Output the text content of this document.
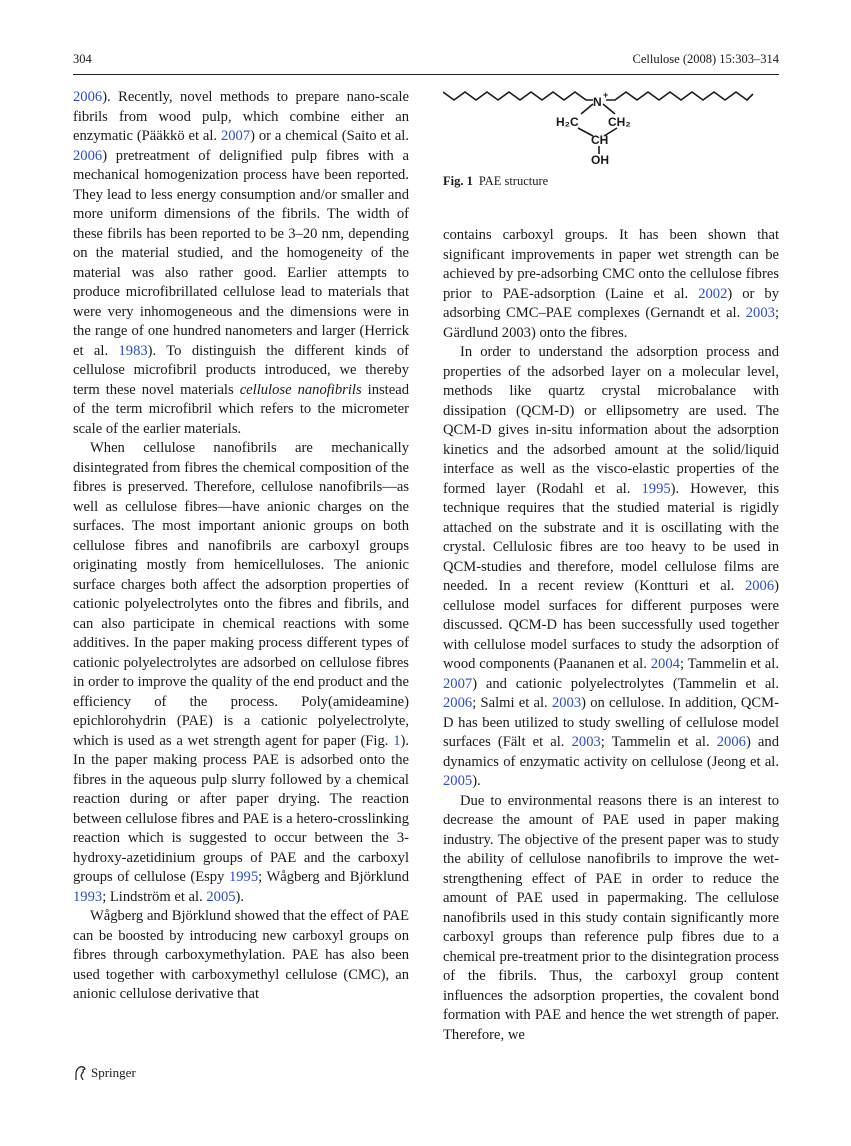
304	Cellulose (2008) 15:303–314

2006). Recently, novel methods to prepare nano-scale fibrils from wood pulp, which combine either an enzymatic (Pääkkö et al. 2007) or a chemical (Saito et al. 2006) pretreatment of delignified pulp fibres with a mechanical homogenization process have been reported. They lead to less energy consumption and/or smaller and more uniform dimensions of the fibrils. The width of these fibrils has been reported to be 3–20 nm, depending on the material studied, and the homogeneity of the material was also rather good. Earlier attempts to produce microfibrillated cellulose lead to materials that were very inhomogeneous and the dimensions were in the range of one hundred nanometers and larger (Herrick et al. 1983). To distinguish the different kinds of cellulose microfibril products introduced, we thereby term these novel materials cellulose nanofibrils instead of the term microfibril which refers to the micrometer scale of the earlier materials.

When cellulose nanofibrils are mechanically disintegrated from fibres the chemical composition of the fibres is preserved. Therefore, cellulose nanofibrils—as well as cellulose fibres—have anionic charges on the surfaces. The most important anionic groups on both cellulose fibres and nanofibrils are carboxyl groups originating mostly from hemicelluloses. The anionic surface charges both affect the adsorption properties of cationic polyelectrolytes onto the fibres and fibrils, and can also participate in chemical reactions with some additives. In the paper making process different types of cationic polyelectrolytes are adsorbed on cellulose fibres in order to improve the quality of the end product and the efficiency of the process. Poly(amideamine) epichlorohydrin (PAE) is a cationic polyelectrolyte, which is used as a wet strength agent for paper (Fig. 1). In the paper making process PAE is adsorbed onto the fibres in the aqueous pulp slurry followed by a chemical reaction during or after paper drying. The reaction between cellulose fibres and PAE is a hetero-crosslinking reaction which is suggested to occur between the 3-hydroxy-azetidinium groups of PAE and the carboxyl groups of cellulose (Espy 1995; Wågberg and Björklund 1993; Lindström et al. 2005).

Wågberg and Björklund showed that the effect of PAE can be boosted by introducing new carboxyl groups on fibres through carboxymethylation. PAE has also been used together with carboxymethyl cellulose (CMC), an anionic cellulose derivative that

N +
H₂C CH₂
CH
OH
Fig. 1 PAE structure

contains carboxyl groups. It has been shown that significant improvements in paper wet strength can be achieved by pre-adsorbing CMC onto the cellulose fibres prior to PAE-adsorption (Laine et al. 2002) or by adsorbing CMC–PAE complexes (Gernandt et al. 2003; Gärdlund 2003) onto the fibres.

In order to understand the adsorption process and properties of the adsorbed layer on a molecular level, methods like quartz crystal microbalance with dissipation (QCM-D) or ellipsometry are used. The QCM-D gives in-situ information about the adsorption kinetics and the adsorbed amount at the solid/liquid interface as well as the visco-elastic properties of the formed layer (Rodahl et al. 1995). However, this technique requires that the studied material is rigidly attached on the substrate and it is oscillating with the crystal. Cellulosic fibres are too heavy to be used in QCM-studies and therefore, model cellulose films are needed. In a recent review (Kontturi et al. 2006) cellulose model surfaces for different purposes were discussed. QCM-D has been successfully used together with cellulose model surfaces to study the adsorption of wood components (Paananen et al. 2004; Tammelin et al. 2007) and cationic polyelectrolytes (Tammelin et al. 2006; Salmi et al. 2003) on cellulose. In addition, QCM-D has been utilized to study swelling of cellulose model surfaces (Fält et al. 2003; Tammelin et al. 2006) and dynamics of enzymatic activity on cellulose (Jeong et al. 2005).

Due to environmental reasons there is an interest to decrease the amount of PAE used in paper making industry. The objective of the present paper was to study the ability of cellulose nanofibrils to improve the wet-strengthening effect of PAE in order to reduce the amount of PAE used in papermaking. The cellulose nanofibrils used in this study contain significantly more carboxyl groups than reference pulp fibres due to a chemical pre-treatment prior to the disintegration process of the fibrils. Thus, the carboxyl group content influences the adsorption properties, the covalent bond formation with PAE and hence the wet strength of paper. Therefore, we

Springer
